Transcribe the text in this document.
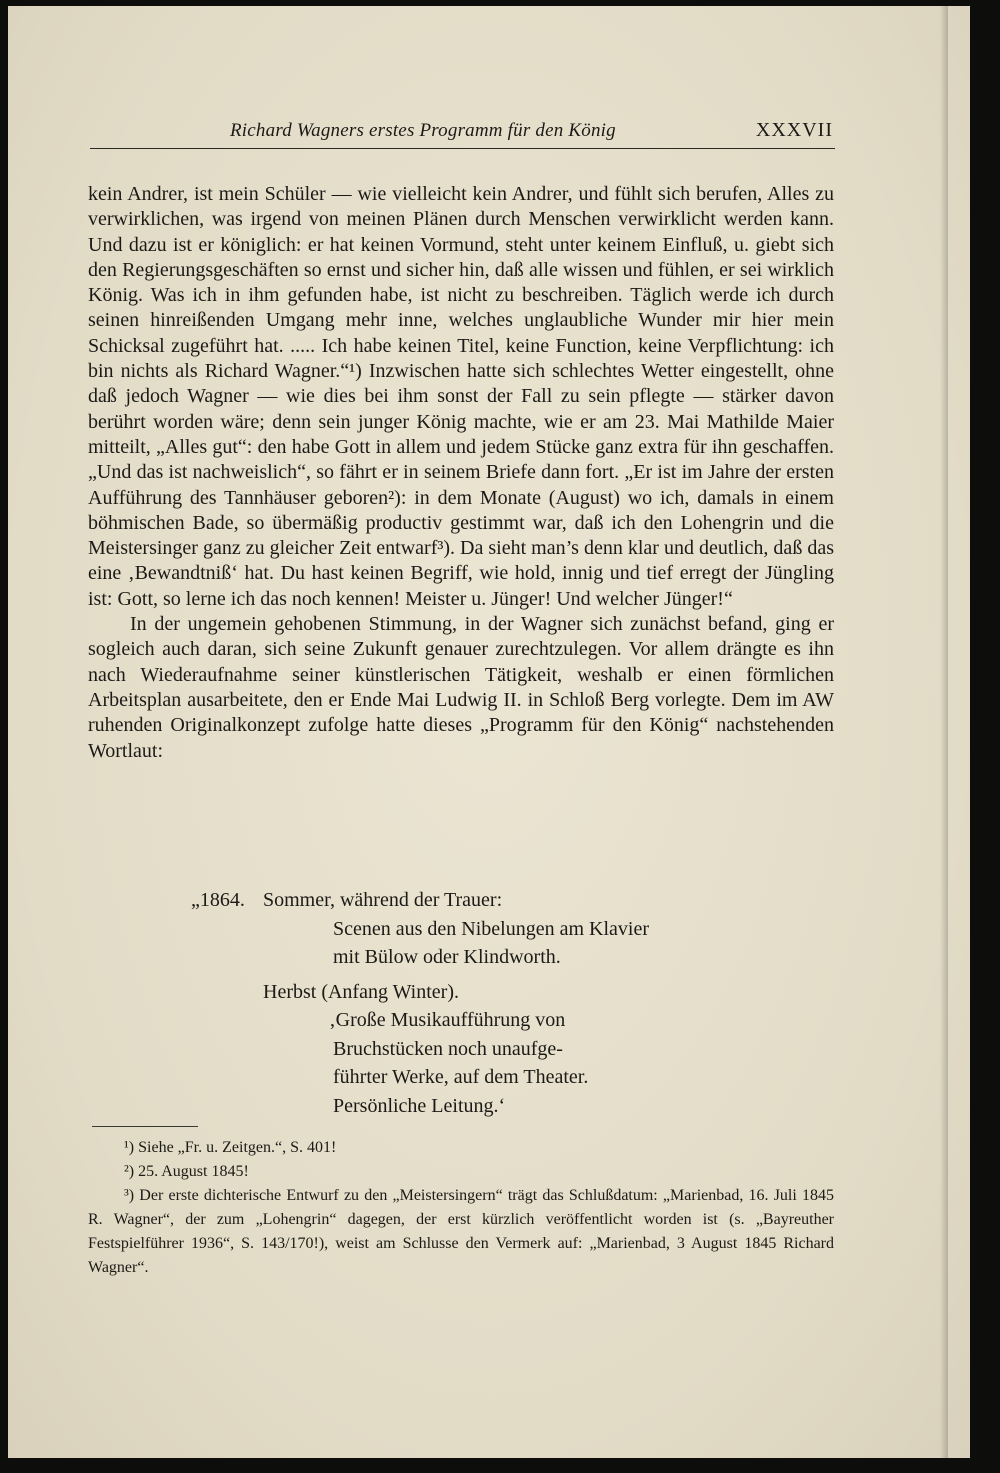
Richard Wagners erstes Programm für den König	XXXVII

kein Andrer, ist mein Schüler — wie vielleicht kein Andrer, und fühlt sich berufen, Alles zu verwirklichen, was irgend von meinen Plänen durch Menschen verwirklicht werden kann. Und dazu ist er königlich: er hat keinen Vormund, steht unter keinem Einfluß, u. giebt sich den Regierungsgeschäften so ernst und sicher hin, daß alle wissen und fühlen, er sei wirklich König. Was ich in ihm gefunden habe, ist nicht zu beschreiben. Täglich werde ich durch seinen hinreißenden Umgang mehr inne, welches unglaubliche Wunder mir hier mein Schicksal zugeführt hat. ..... Ich habe keinen Titel, keine Function, keine Verpflichtung: ich bin nichts als Richard Wagner.“¹) Inzwischen hatte sich schlechtes Wetter eingestellt, ohne daß jedoch Wagner — wie dies bei ihm sonst der Fall zu sein pflegte — stärker davon berührt worden wäre; denn sein junger König machte, wie er am 23. Mai Mathilde Maier mitteilt, „Alles gut“: den habe Gott in allem und jedem Stücke ganz extra für ihn geschaffen. „Und das ist nachweislich“, so fährt er in seinem Briefe dann fort. „Er ist im Jahre der ersten Aufführung des Tannhäuser geboren²): in dem Monate (August) wo ich, damals in einem böhmischen Bade, so übermäßig productiv gestimmt war, daß ich den Lohengrin und die Meistersinger ganz zu gleicher Zeit entwarf³). Da sieht man’s denn klar und deutlich, daß das eine ‚Bewandtniß‘ hat. Du hast keinen Begriff, wie hold, innig und tief erregt der Jüngling ist: Gott, so lerne ich das noch kennen! Meister u. Jünger! Und welcher Jünger!“

In der ungemein gehobenen Stimmung, in der Wagner sich zunächst befand, ging er sogleich auch daran, sich seine Zukunft genauer zurechtzulegen. Vor allem drängte es ihn nach Wiederaufnahme seiner künstlerischen Tätigkeit, weshalb er einen förmlichen Arbeitsplan ausarbeitete, den er Ende Mai Ludwig II. in Schloß Berg vorlegte. Dem im AW ruhenden Originalkonzept zufolge hatte dieses „Programm für den König“ nachstehenden Wortlaut:

„1864. Sommer, während der Trauer:
Scenen aus den Nibelungen am Klavier
mit Bülow oder Klindworth.
Herbst (Anfang Winter).
‚Große Musikaufführung von
Bruchstücken noch unaufge-
führter Werke, auf dem Theater.
Persönliche Leitung.‘

¹) Siehe „Fr. u. Zeitgen.“, S. 401!

²) 25. August 1845!

³) Der erste dichterische Entwurf zu den „Meistersingern“ trägt das Schlußdatum: „Marienbad, 16. Juli 1845 R. Wagner“, der zum „Lohengrin“ dagegen, der erst kürzlich veröffentlicht worden ist (s. „Bayreuther Festspielführer 1936“, S. 143/170!), weist am Schlusse den Vermerk auf: „Marienbad, 3 August 1845 Richard Wagner“.
